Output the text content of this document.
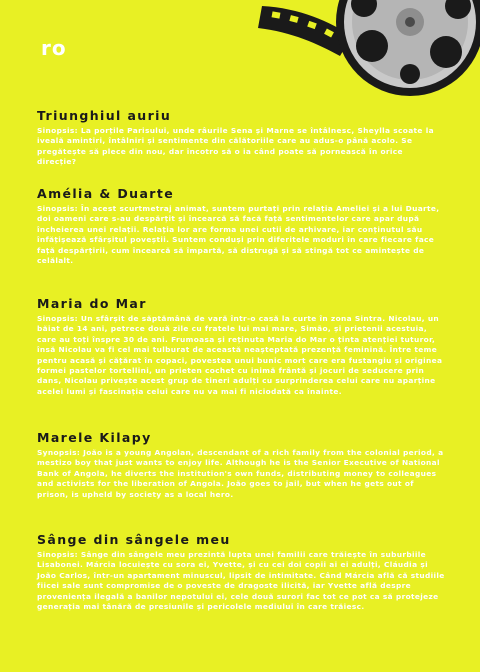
ro
Triunghiul auriu

Sinopsis: La porțile Parisului, unde râurile Sena și Marne se întâlnesc, Sheylla scoate la iveală amintiri, întâlniri și sentimente din călătoriile care au adus-o până acolo. Se pregătește să plece din nou, dar încotro să o ia când poate să pornească în orice direcție?

Amélia & Duarte

Sinopsis: În acest scurtmetraj animat, suntem purtați prin relația Ameliei și a lui Duarte, doi oameni care s-au despărțit și încearcă să facă față sentimentelor care apar după încheierea unei relații. Relația lor are forma unei cutii de arhivare, iar conținutul său înfățișează sfârșitul poveștii. Suntem conduși prin diferitele moduri în care fiecare face față despărțirii, cum încearcă să împartă, să distrugă și să stingă tot ce amintește de celălalt.

Maria do Mar

Sinopsis: Un sfârșit de săptămână de vară într-o casă la curte în zona Sintra. Nicolau, un băiat de 14 ani, petrece două zile cu fratele lui mai mare, Simão, și prietenii acestuia, care au toți înspre 30 de ani. Frumoasa și reținuta Maria do Mar o ținta atenției tuturor, însă Nicolau va fi cel mai tulburat de această neașteptată prezență feminină. Între teme pentru acasă și cățărat în copaci, povestea unui bunic mort care era fustangiu și originea formei pastelor tortellini, un prieten cochet cu inimă frântă și jocuri de seducere prin dans, Nicolau privește acest grup de tineri adulți cu surprinderea celui care nu aparține acelei lumi și fascinația celui care nu va mai fi niciodată ca înainte.

Marele Kilapy

Synopsis: João is a young Angolan, descendant of a rich family from the colonial period, a mestizo boy that just wants to enjoy life. Although he is the Senior Executive of National Bank of Angola, he diverts the institution's own funds, distributing money to colleagues and activists for the liberation of Angola. João goes to jail, but when he gets out of prison, is upheld by society as a local hero.

Sânge din sângele meu

Sinopsis: Sânge din sângele meu prezintă lupta unei familii care trăiește în suburbiile Lisabonei. Márcia locuiește cu sora ei, Yvette, și cu cei doi copii ai ei adulți, Cláudia și João Carlos, într-un apartament minuscul, lipsit de intimitate. Când Márcia află că studiile fiicei sale sunt compromise de o poveste de dragoste ilicită, iar Yvette află despre proveniența ilegală a banilor nepotului ei, cele două surori fac tot ce pot ca să protejeze generația mai tânără de presiunile și pericolele mediului în care trăiesc.
